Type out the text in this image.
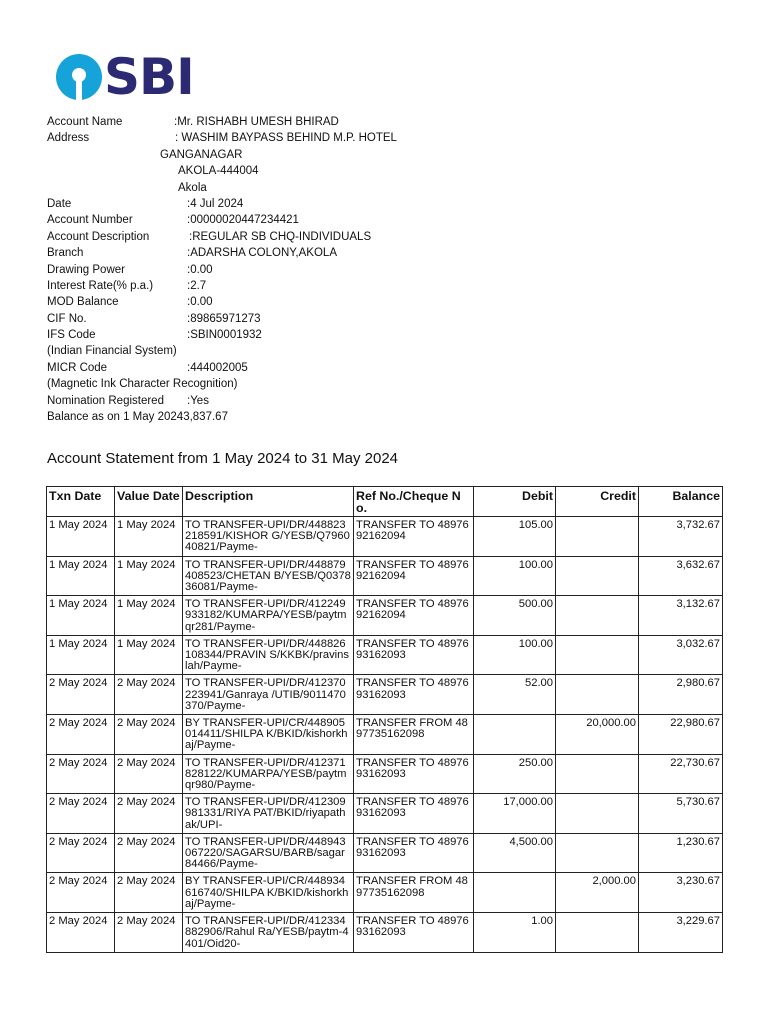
SBI
Account Name	:Mr. RISHABH UMESH BHIRAD
Address	: WASHIM BAYPASS BEHIND M.P. HOTEL
GANGANAGAR
AKOLA-444004
Akola
Date	:4 Jul 2024
Account Number	:00000020447234421
Account Description	:REGULAR SB CHQ-INDIVIDUALS
Branch	:ADARSHA COLONY,AKOLA
Drawing Power	:0.00
Interest Rate(% p.a.)	:2.7
MOD Balance	:0.00
CIF No.	:89865971273
IFS Code	:SBIN0001932
(Indian Financial System)
MICR Code	:444002005
(Magnetic Ink Character Recognition)
Nomination Registered :Yes
Balance as on 1 May 2024
:3,837.67
Account Statement from 1 May 2024 to 31 May 2024
Txn Date	Value Date	Description	Ref No./Cheque No.	Debit	Credit	Balance
1 May 2024	1 May 2024	TO TRANSFER-UPI/DR/448823218591/KISHOR G/YESB/Q796040821/Payme-	TRANSFER TO 4897692162094	105.00		3,732.67
1 May 2024	1 May 2024	TO TRANSFER-UPI/DR/448879408523/CHETAN B/YESB/Q037836081/Payme-	TRANSFER TO 4897692162094	100.00		3,632.67
1 May 2024	1 May 2024	TO TRANSFER-UPI/DR/412249933182/KUMARPA/YESB/paytmqr281/Payme-	TRANSFER TO 4897692162094	500.00		3,132.67
1 May 2024	1 May 2024	TO TRANSFER-UPI/DR/448826108344/PRAVIN S/KKBK/pravinslah/Payme-	TRANSFER TO 4897693162093	100.00		3,032.67
2 May 2024	2 May 2024	TO TRANSFER-UPI/DR/412370223941/Ganraya /UTIB/9011470370/Payme-	TRANSFER TO 4897693162093	52.00		2,980.67
2 May 2024	2 May 2024	BY TRANSFER-UPI/CR/448905014411/SHILPA K/BKID/kishorkhaj/Payme-	TRANSFER FROM 4897735162098		20,000.00	22,980.67
2 May 2024	2 May 2024	TO TRANSFER-UPI/DR/412371828122/KUMARPA/YESB/paytmqr980/Payme-	TRANSFER TO 4897693162093	250.00		22,730.67
2 May 2024	2 May 2024	TO TRANSFER-UPI/DR/412309981331/RIYA PAT/BKID/riyapathak/UPI-	TRANSFER TO 4897693162093	17,000.00		5,730.67
2 May 2024	2 May 2024	TO TRANSFER-UPI/DR/448943067220/SAGARSU/BARB/sagar84466/Payme-	TRANSFER TO 4897693162093	4,500.00		1,230.67
2 May 2024	2 May 2024	BY TRANSFER-UPI/CR/448934616740/SHILPA K/BKID/kishorkhaj/Payme-	TRANSFER FROM 4897735162098		2,000.00	3,230.67
2 May 2024	2 May 2024	TO TRANSFER-UPI/DR/412334882906/Rahul Ra/YESB/paytm-4401/Oid20-	TRANSFER TO 4897693162093	1.00		3,229.67
